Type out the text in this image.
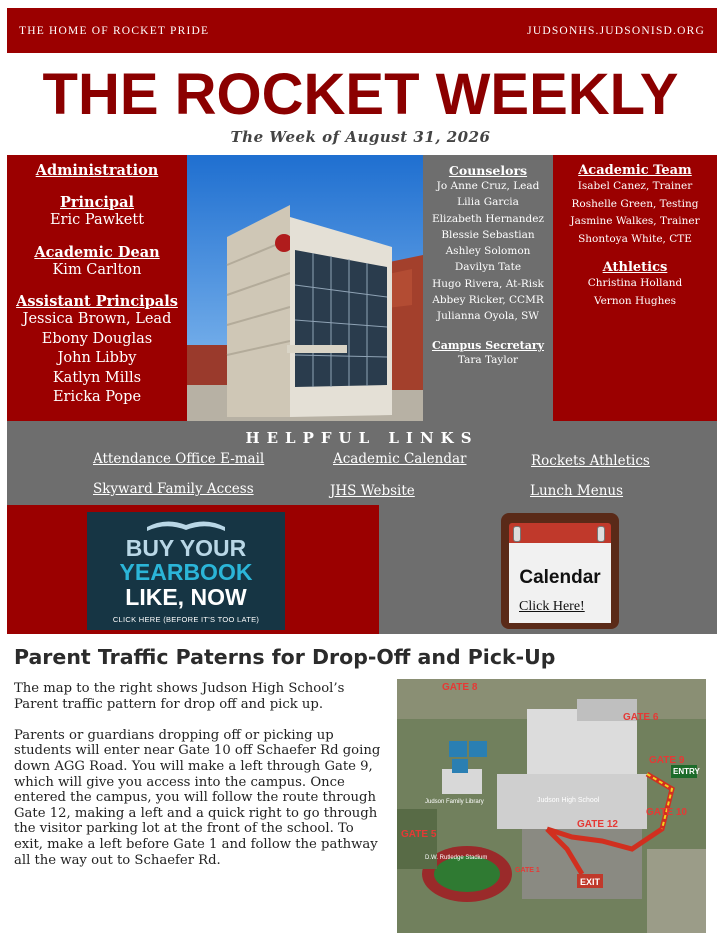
THE HOME OF ROCKET PRIDE	JUDSONHS.JUDSONISD.ORG
THE ROCKET WEEKLY
The Week of August 31, 2026
Administration
Principal
Eric Pawkett
Academic Dean
Kim Carlton
Assistant Principals
Jessica Brown, Lead
Ebony Douglas
John Libby
Katlyn Mills
Ericka Pope
Counselors
Jo Anne Cruz, Lead
Lilia Garcia
Elizabeth Hernandez
Blessie Sebastian
Ashley Solomon
Davilyn Tate
Hugo Rivera, At-Risk
Abbey Ricker, CCMR
Julianna Oyola, SW
Campus Secretary
Tara Taylor
Academic Team
Isabel Canez, Trainer
Roshelle Green, Testing
Jasmine Walkes, Trainer
Shontoya White, CTE
Athletics
Christina Holland
Vernon Hughes
HELPFUL LINKS
Attendance Office E-mail	Academic Calendar	Rockets Athletics
Skyward Family Access	JHS Website	Lunch Menus
BUY YOUR
YEARBOOK
LIKE, NOW
CLICK HERE (BEFORE IT'S TOO LATE)
Calendar
Click Here!
Parent Traffic Paterns for Drop-Off and Pick-Up

The map to the right shows Judson High School’s Parent traffic pattern for drop off and pick up.

Parents or guardians dropping off or picking up students will enter near Gate 10 off Schaefer Rd going down AGG Road. You will make a left through Gate 9, which will give you access into the campus. Once entered the campus, you will follow the route through Gate 12, making a left and a quick right to go through the visitor parking lot at the front of the school. To exit, make a left before Gate 1 and follow the pathway all the way out to Schaefer Rd.

GATE 8
GATE 6
GATE 5
GATE 9
GATE 12
GATE 10
GATE 1
ENTRY
EXIT
Judson High School
Judson Family Library
D.W. Rutledge Stadium
